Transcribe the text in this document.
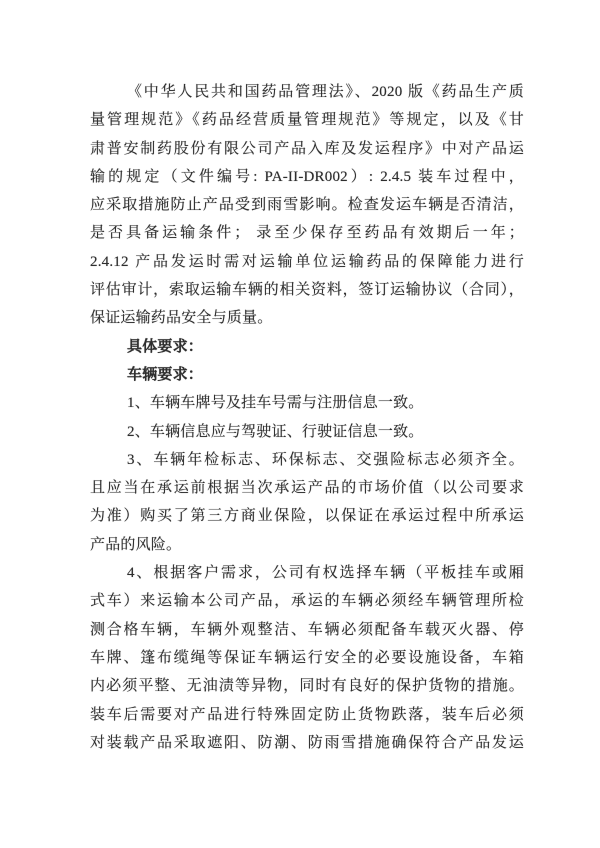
《中华人民共和国药品管理法》、2020 版《药品生产质

量管理规范》《药品经营质量管理规范》等规定，以及《甘

肃普安制药股份有限公司产品入库及发运程序》中对产品运

输的规定（文件编号: PA-II-DR002）: 2.4.5 装车过程中，

应采取措施防止产品受到雨雪影响。检查发运车辆是否清洁，

是否具备运输条件； 录至少保存至药品有效期后一年；

2.4.12 产品发运时需对运输单位运输药品的保障能力进行

评估审计，索取运输车辆的相关资料，签订运输协议（合同），

保证运输药品安全与质量。

具体要求：

车辆要求：

1、车辆车牌号及挂车号需与注册信息一致。

2、车辆信息应与驾驶证、行驶证信息一致。

3、车辆年检标志、环保标志、交强险标志必须齐全。

且应当在承运前根据当次承运产品的市场价值（以公司要求

为准）购买了第三方商业保险，以保证在承运过程中所承运

产品的风险。

4、根据客户需求，公司有权选择车辆（平板挂车或厢

式车）来运输本公司产品，承运的车辆必须经车辆管理所检

测合格车辆，车辆外观整洁、车辆必须配备车载灭火器、停

车牌、篷布缆绳等保证车辆运行安全的必要设施设备，车箱

内必须平整、无油渍等异物，同时有良好的保护货物的措施。

装车后需要对产品进行特殊固定防止货物跌落，装车后必须

对装载产品采取遮阳、防潮、防雨雪措施确保符合产品发运
